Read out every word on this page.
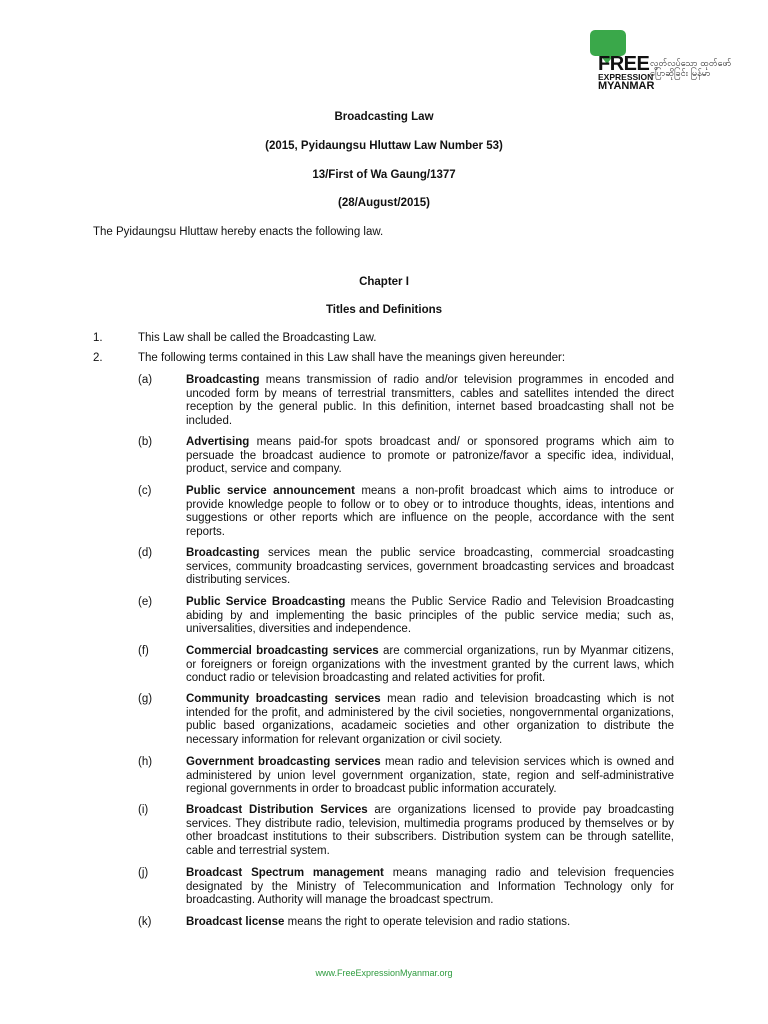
FREE
EXPRESSION
MYANMAR
လွတ်လပ်သော ထုတ်ဖော်ပြောဆိုခြင်း မြန်မာ
Broadcasting Law
(2015, Pyidaungsu Hluttaw Law Number 53)
13/First of Wa Gaung/1377
(28/August/2015)
The Pyidaungsu Hluttaw hereby enacts the following law.
Chapter I
Titles and Definitions
1.	This Law shall be called the Broadcasting Law.
2.	The following terms contained in this Law shall have the meanings given hereunder:
(a)	Broadcasting means transmission of radio and/or television programmes in encoded and uncoded form by means of terrestrial transmitters, cables and satellites intended the direct reception by the general public. In this definition, internet based broadcasting shall not be included.
(b)	Advertising means paid-for spots broadcast and/ or sponsored programs which aim to persuade the broadcast audience to promote or patronize/favor a specific idea, individual, product, service and company.
(c)	Public service announcement means a non-profit broadcast which aims to introduce or provide knowledge people to follow or to obey or to introduce thoughts, ideas, intentions and suggestions or other reports which are influence on the people, accordance with the sent reports.
(d)	Broadcasting services mean the public service broadcasting, commercial sroadcasting services, community broadcasting services, government broadcasting services and broadcast distributing services.
(e)	Public Service Broadcasting means the Public Service Radio and Television Broadcasting abiding by and implementing the basic principles of the public service media; such as, universalities, diversities and independence.
(f)	Commercial broadcasting services are commercial organizations, run by Myanmar citizens, or foreigners or foreign organizations with the investment granted by the current laws, which conduct radio or television broadcasting and related activities for profit.
(g)	Community broadcasting services mean radio and television broadcasting which is not intended for the profit, and administered by the civil societies, nongovernmental organizations, public based organizations, acadameic societies and other organization to distribute the necessary information for relevant organization or civil society.
(h)	Government broadcasting services mean radio and television services which is owned and administered by union level government organization, state, region and self-administrative regional governments in order to broadcast public information accurately.
(i)	Broadcast Distribution Services are organizations licensed to provide pay broadcasting services. They distribute radio, television, multimedia programs produced by themselves or by other broadcast institutions to their subscribers. Distribution system can be through satellite, cable and terrestrial system.
(j)	Broadcast Spectrum management means managing radio and television frequencies designated by the Ministry of Telecommunication and Information Technology only for broadcasting. Authority will manage the broadcast spectrum.
(k)	Broadcast license means the right to operate television and radio stations.
www.FreeExpressionMyanmar.org
